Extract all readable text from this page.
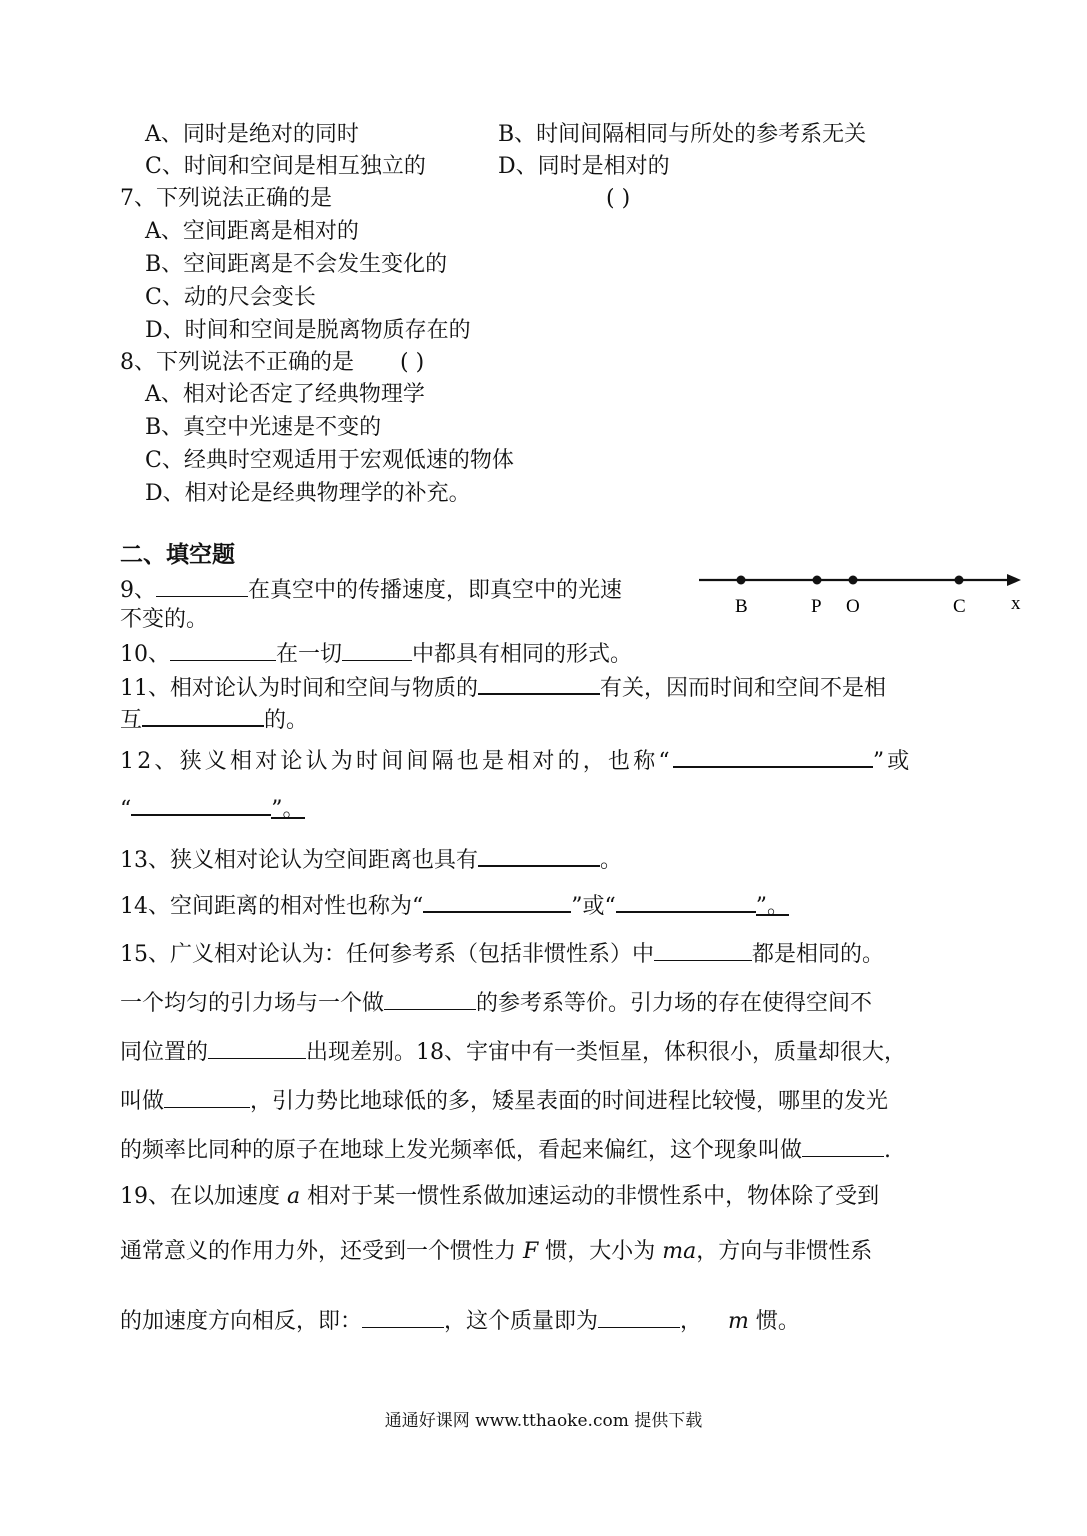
A、同时是绝对的同时	B、时间间隔相同与所处的参考系无关
C、时间和空间是相互独立的	D、同时是相对的
7、下列说法正确的是	( )
A、空间距离是相对的
B、空间距离是不会发生变化的
C、动的尺会变长
D、时间和空间是脱离物质存在的
8、下列说法不正确的是 ( )
A、相对论否定了经典物理学
B、真空中光速是不变的
C、经典时空观适用于宏观低速的物体
D、相对论是经典物理学的补充。
二、填空题
B	P O	C x
9、	在真空中的传播速度，即真空中的光速
不变的。
10、	在一切	中都具有相同的形式。
11、相对论认为时间和空间与物质的	有关，因而时间和空间不是相
互	的。
12、狭义相对论认为时间间隔也是相对的，也称“	”或
“	”。
13、狭义相对论认为空间距离也具有	。
14、空间距离的相对性也称为“	”或“	”。
15、广义相对论认为：任何参考系（包括非惯性系）中	都是相同的。
一个均匀的引力场与一个做	的参考系等价。引力场的存在使得空间不
同位置的	出现差别。18、宇宙中有一类恒星，体积很小，质量却很大，
叫做	，引力势比地球低的多，矮星表面的时间进程比较慢，哪里的发光
的频率比同种的原子在地球上发光频率低，看起来偏红，这个现象叫做	.
19、在以加速度 a 相对于某一惯性系做加速运动的非惯性系中，物体除了受到
通常意义的作用力外，还受到一个惯性力 F 惯，大小为 ma，方向与非惯性系
的加速度方向相反，即：	，这个质量即为	， m 惯。
通通好课网 www.tthaoke.com 提供下载
